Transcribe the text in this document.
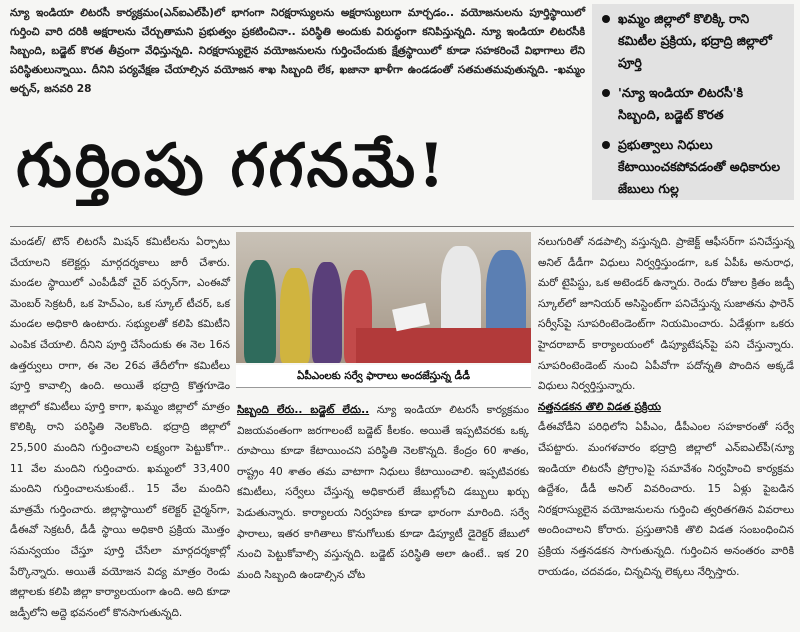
న్యూ ఇండియా లిటరసీ కార్యక్రమం(ఎన్‌ఐఎల్‌పీ)లో భాగంగా నిరక్షరాస్యులను అక్షరాస్యులుగా మార్చడం.. వయోజనులను పూర్తిస్థాయిలో గుర్తించి వారి దరికి అక్షరాలను చేర్చుతామని ప్రభుత్వం ప్రకటించినా.. పరిస్థితి అందుకు విరుద్ధంగా కనిపిస్తున్నది. న్యూ ఇండియా లిటరసీకి సిబ్బంది, బడ్జెట్ కొరత తీవ్రంగా వేధిస్తున్నది. నిరక్షరాస్యులైన వయోజనులను గుర్తించేందుకు క్షేత్రస్థాయిలో కూడా సహకరించే విభాగాలు లేని పరిస్థితులున్నాయి. దీనిని పర్యవేక్షణ చేయాల్సిన వయోజన శాఖ సిబ్బంది లేక, ఖజానా ఖాళీగా ఉండడంతో సతమతమవుతున్నది. -ఖమ్మం అర్బన్, జనవరి 28
ఖమ్మం జిల్లాలో కొలిక్కి రాని కమిటీల ప్రక్రియ, భద్రాద్రి జిల్లాలో పూర్తి
'న్యూ ఇండియా లిటరసీ'కి సిబ్బంది, బడ్జెట్ కొరత
ప్రభుత్వాలు నిధులు కేటాయించకపోవడంతో అధికారుల జేబులు గుల్ల
గుర్తింపు గగనమే!
మండల్/ టౌన్ లిటరసీ మిషన్ కమిటీలను ఏర్పాటు చేయాలని కలెక్టర్లు మార్గదర్శకాలు జారీ చేశారు. మండల స్థాయిలో ఎంపీడీవో చైర్ పర్సన్‌గా, ఎంఈవో మెంబర్ సెక్రటరీ, ఒక హెచ్‌ఎం, ఒక స్కూల్ టీచర్, ఒక మండల అధికారి ఉంటారు. సభ్యులతో కలిపి కమిటీని ఎంపిక చేయాలి. దీనిని పూర్తి చేసేందుకు ఈ నెల 16న ఉత్తర్వులు రాగా, ఈ నెల 26వ తేదీలోగా కమిటీలు పూర్తి కావాల్సి ఉంది. అయితే భద్రాద్రి కొత్తగూడెం జిల్లాలో కమిటీలు పూర్తి కాగా, ఖమ్మం జిల్లాలో మాత్రం కొలిక్కి రాని పరిస్థితి నెలకొంది. భద్రాద్రి జిల్లాలో 25,500 మందిని గుర్తించాలని లక్ష్యంగా పెట్టుకోగా.. 11 వేల మందిని గుర్తించారు. ఖమ్మంలో 33,400 మందిని గుర్తించాలనుకుంటే.. 15 వేల మందిని మాత్రమే గుర్తించారు. జిల్లాస్థాయిలో కలెక్టర్ చైర్మన్‌గా, డీఈవో సెక్రటరీ, డీడీ స్థాయి అధికారి ప్రక్రియ మొత్తం సమన్వయం చేస్తూ పూర్తి చేసేలా మార్గదర్శకాల్లో పేర్కొన్నారు. అయితే వయోజన విద్య మాత్రం రెండు జిల్లాలకు కలిపి జిల్లా కార్యాలయంగా ఉంది. అది కూడా జడ్పీలోని అద్దె భవనంలో కొనసాగుతున్నది.
ఏపీఎంలకు సర్వే ఫారాలు అందజేస్తున్న డీడీ
సిబ్బంది లేరు.. బడ్జెట్ లేదు.. న్యూ ఇండియా లిటరసీ కార్యక్రమం విజయవంతంగా జరగాలంటే బడ్జెట్ కీలకం. అయితే ఇప్పటివరకు ఒక్క రూపాయి కూడా కేటాయించని పరిస్థితి నెలకొన్నది. కేంద్రం 60 శాతం, రాష్ట్రం 40 శాతం తమ వాటాగా నిధులు కేటాయించాలి. ఇప్పటివరకు కమిటీలు, సర్వేలు చేస్తున్న అధికారులే జేబుల్లోంచి డబ్బులు ఖర్చు పెడుతున్నారు. కార్యాలయ నిర్వహణ కూడా భారంగా మారింది. సర్వే ఫారాలు, ఇతర కాగితాలు కొనుగోలుకు కూడా డిప్యూటీ డైరెక్టర్ జేబులో నుంచి పెట్టుకోవాల్సి వస్తున్నది. బడ్జెట్ పరిస్థితి అలా ఉంటే.. ఇక 20 మంది సిబ్బంది ఉండాల్సిన చోట
నలుగురితో నడపాల్సి వస్తున్నది. ప్రాజెక్ట్ ఆఫీసర్‌గా పనిచేస్తున్న అనిల్ డీడీగా విధులు నిర్వర్తిస్తుండగా, ఒక ఏపీఓ అనురాధ, మరో టైపిస్టు, ఒక అటెండర్ ఉన్నారు. రెండు రోజుల క్రితం జడ్పీ స్కూల్‌లో జూనియర్ అసిస్టెంట్‌గా పనిచేస్తున్న సుజాతను ఫారెన్ సర్వీస్‌పై సూపరింటెండెంట్‌గా నియమించారు. ఏడేళ్లుగా ఒకరు హైదరాబాద్ కార్యాలయంలో డిప్యూటేషన్‌పై పని చేస్తున్నారు. సూపరింటెండెంట్ నుంచి ఏపీవోగా పదోన్నతి పొందిన అక్కడే విధులు నిర్వర్తిస్తున్నారు.
నత్తనడకన తొలి విడత ప్రక్రియ
డీఈవోడీని పరిధిలోని ఏపీఎం, డీపీఎంల సహకారంతో సర్వే చేపట్టారు. మంగళవారం భద్రాద్రి జిల్లాలో ఎన్‌ఐఎల్‌పీ(న్యూ ఇండియా లిటరసీ ప్రోగ్రాం)పై సమావేశం నిర్వహించి కార్యక్రమ ఉద్దేశం, డీడీ అనిల్ వివరించారు. 15 ఏళ్లు పైబడిన నిరక్షరాస్యులైన వయోజనులను గుర్తించి త్వరితగతిన వివరాలు అందించాలని కోరారు. ప్రస్తుతానికి తొలి విడత సంబంధించిన ప్రక్రియ నత్తనడకన సాగుతున్నది. గుర్తించిన అనంతరం వారికి రాయడం, చదవడం, చిన్నచిన్న లెక్కలు నేర్పిస్తారు.
